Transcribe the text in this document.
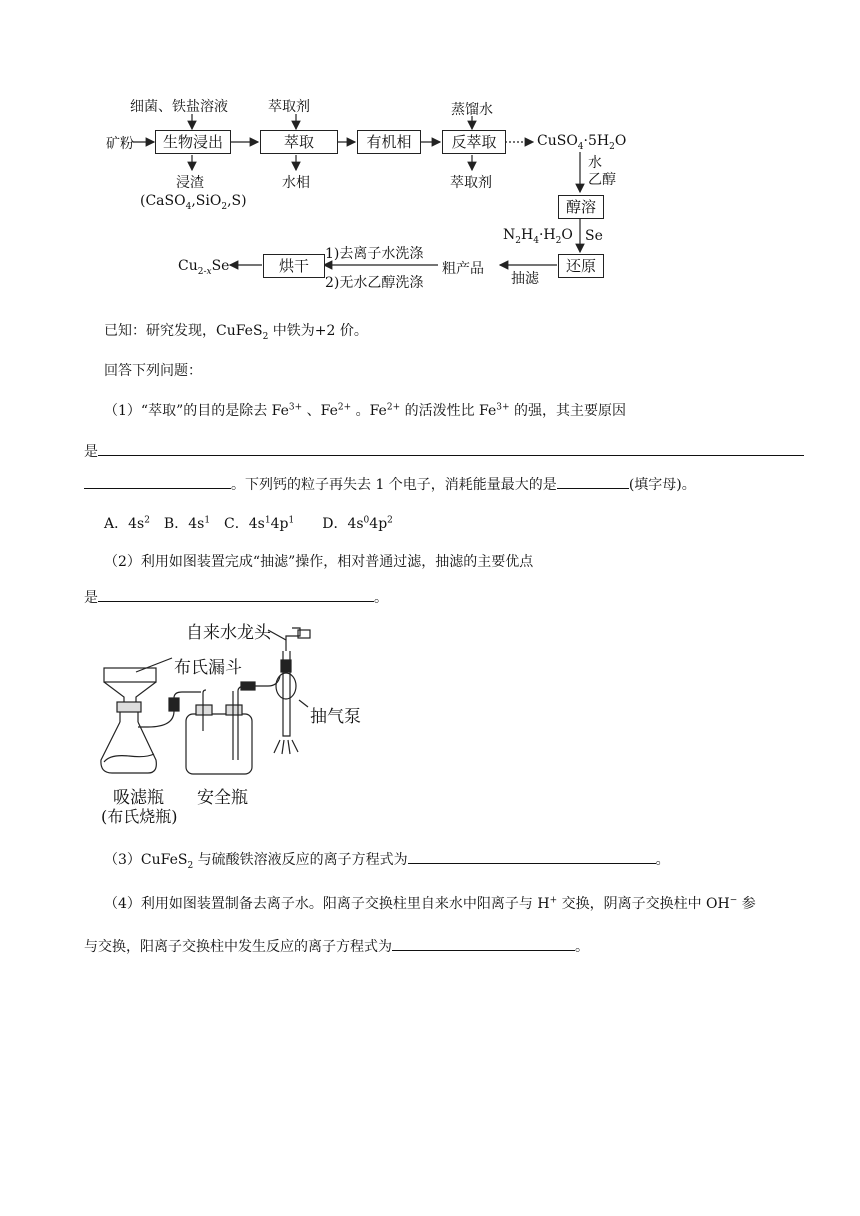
矿粉
细菌、铁盐溶液
生物浸出
浸渣
(CaSO$_4$,SiO$_2$,S)
萃取剂
萃取
水相
有机相
蒸馏水
反萃取
萃取剂
$CuSO_4\cdot 5H_2O$
水
乙醇
醇溶
$N_2H_4\cdot H_2O$ Se
还原
抽滤
粗产品
1)去离子水洗涤
2)无水乙醇洗涤
烘干
$Cu_{2-x}Se$
已知：研究发现，CuFeS$_2$ 中铁为+2 价。
回答下列问题：
（1）“萃取”的目的是除去 $Fe^{3+}$ 、$Fe^{2+}$ 。$Fe^{2+}$ 的活泼性比 $Fe^{3+}$ 的强，其主要原因
是
。下列钙的粒子再失去 1 个电子，消耗能量最大的是	(填字母)。
A．$4s^2$　B．$4s^1$　C．$4s^14p^1$　　D．$4s^04p^2$
（2）利用如图装置完成“抽滤”操作，相对普通过滤，抽滤的主要优点
是	。
自来水龙头
布氏漏斗
抽气泵
吸滤瓶
(布氏烧瓶)
安全瓶
（3）CuFeS$_2$ 与硫酸铁溶液反应的离子方程式为	。
（4）利用如图装置制备去离子水。阳离子交换柱里自来水中阳离子与 H+ 交换，阴离子交换柱中 OH− 参
与交换，阳离子交换柱中发生反应的离子方程式为	。
